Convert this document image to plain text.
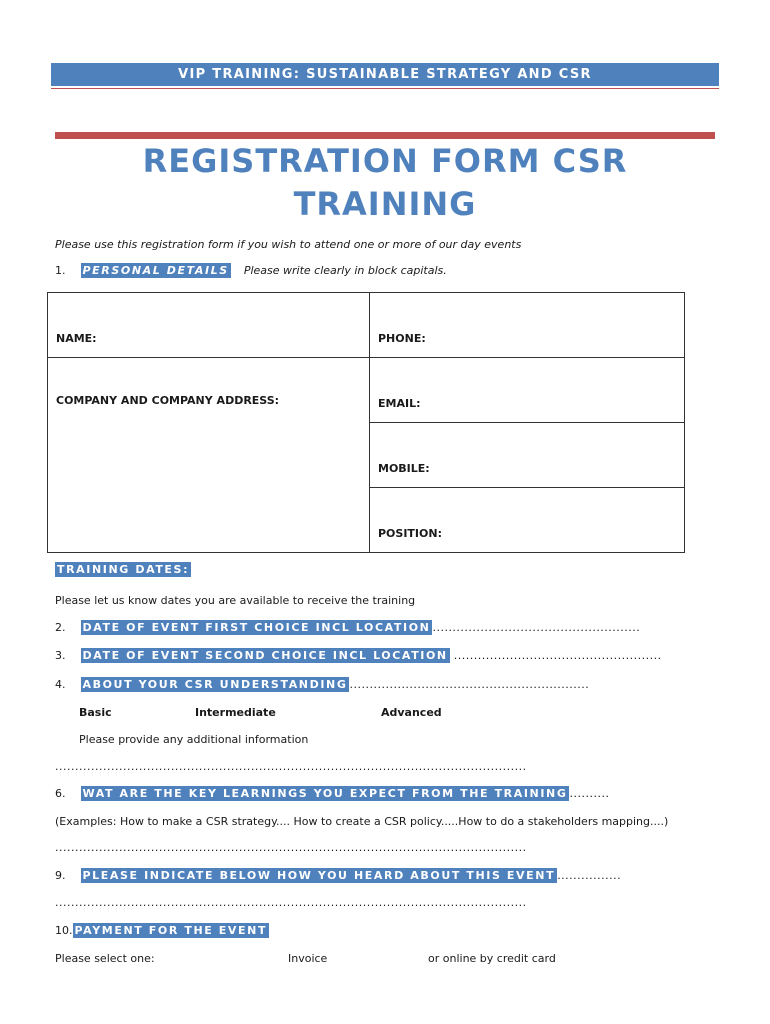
VIP TRAINING: SUSTAINABLE STRATEGY AND CSR
REGISTRATION FORM CSR
TRAINING
Please use this registration form if you wish to attend one or more of our day events
1. PERSONAL DETAILS Please write clearly in block capitals.
NAME:	PHONE:

COMPANY AND COMPANY ADDRESS:	EMAIL:

	MOBILE:

	POSITION:
TRAINING DATES:
Please let us know dates you are available to receive the training
2. DATE OF EVENT FIRST CHOICE INCL LOCATION ....................................................
3. DATE OF EVENT SECOND CHOICE INCL LOCATION ....................................................
4. ABOUT YOUR CSR UNDERSTANDING ............................................................
Basic	Intermediate	Advanced
Please provide any additional information
......................................................................................................................
6. WAT ARE THE KEY LEARNINGS YOU EXPECT FROM THE TRAINING ..........
(Examples: How to make a CSR strategy.... How to create a CSR policy.....How to do a stakeholders mapping....)
......................................................................................................................
9. PLEASE INDICATE BELOW HOW YOU HEARD ABOUT THIS EVENT ................
......................................................................................................................
10. PAYMENT FOR THE EVENT
Please select one:	Invoice	or online by credit card
